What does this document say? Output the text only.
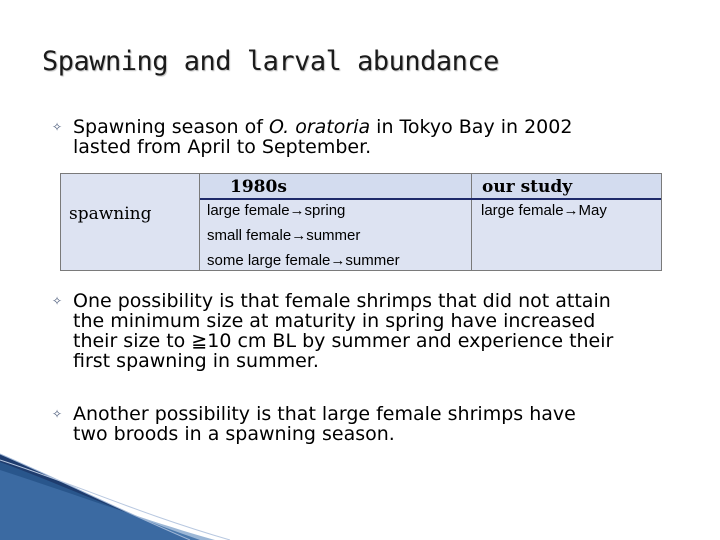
Spawning and larval abundance
✧ Spawning season of O. oratoria in Tokyo Bay in 2002
lasted from April to September.
spawning
1980s
large female→spring
small female→summer
some large female→summer
our study
large female→May
✧ One possibility is that female shrimps that did not attain
the minimum size at maturity in spring have increased
their size to ≧10 cm BL by summer and experience their
first spawning in summer.
✧ Another possibility is that large female shrimps have
two broods in a spawning season.
